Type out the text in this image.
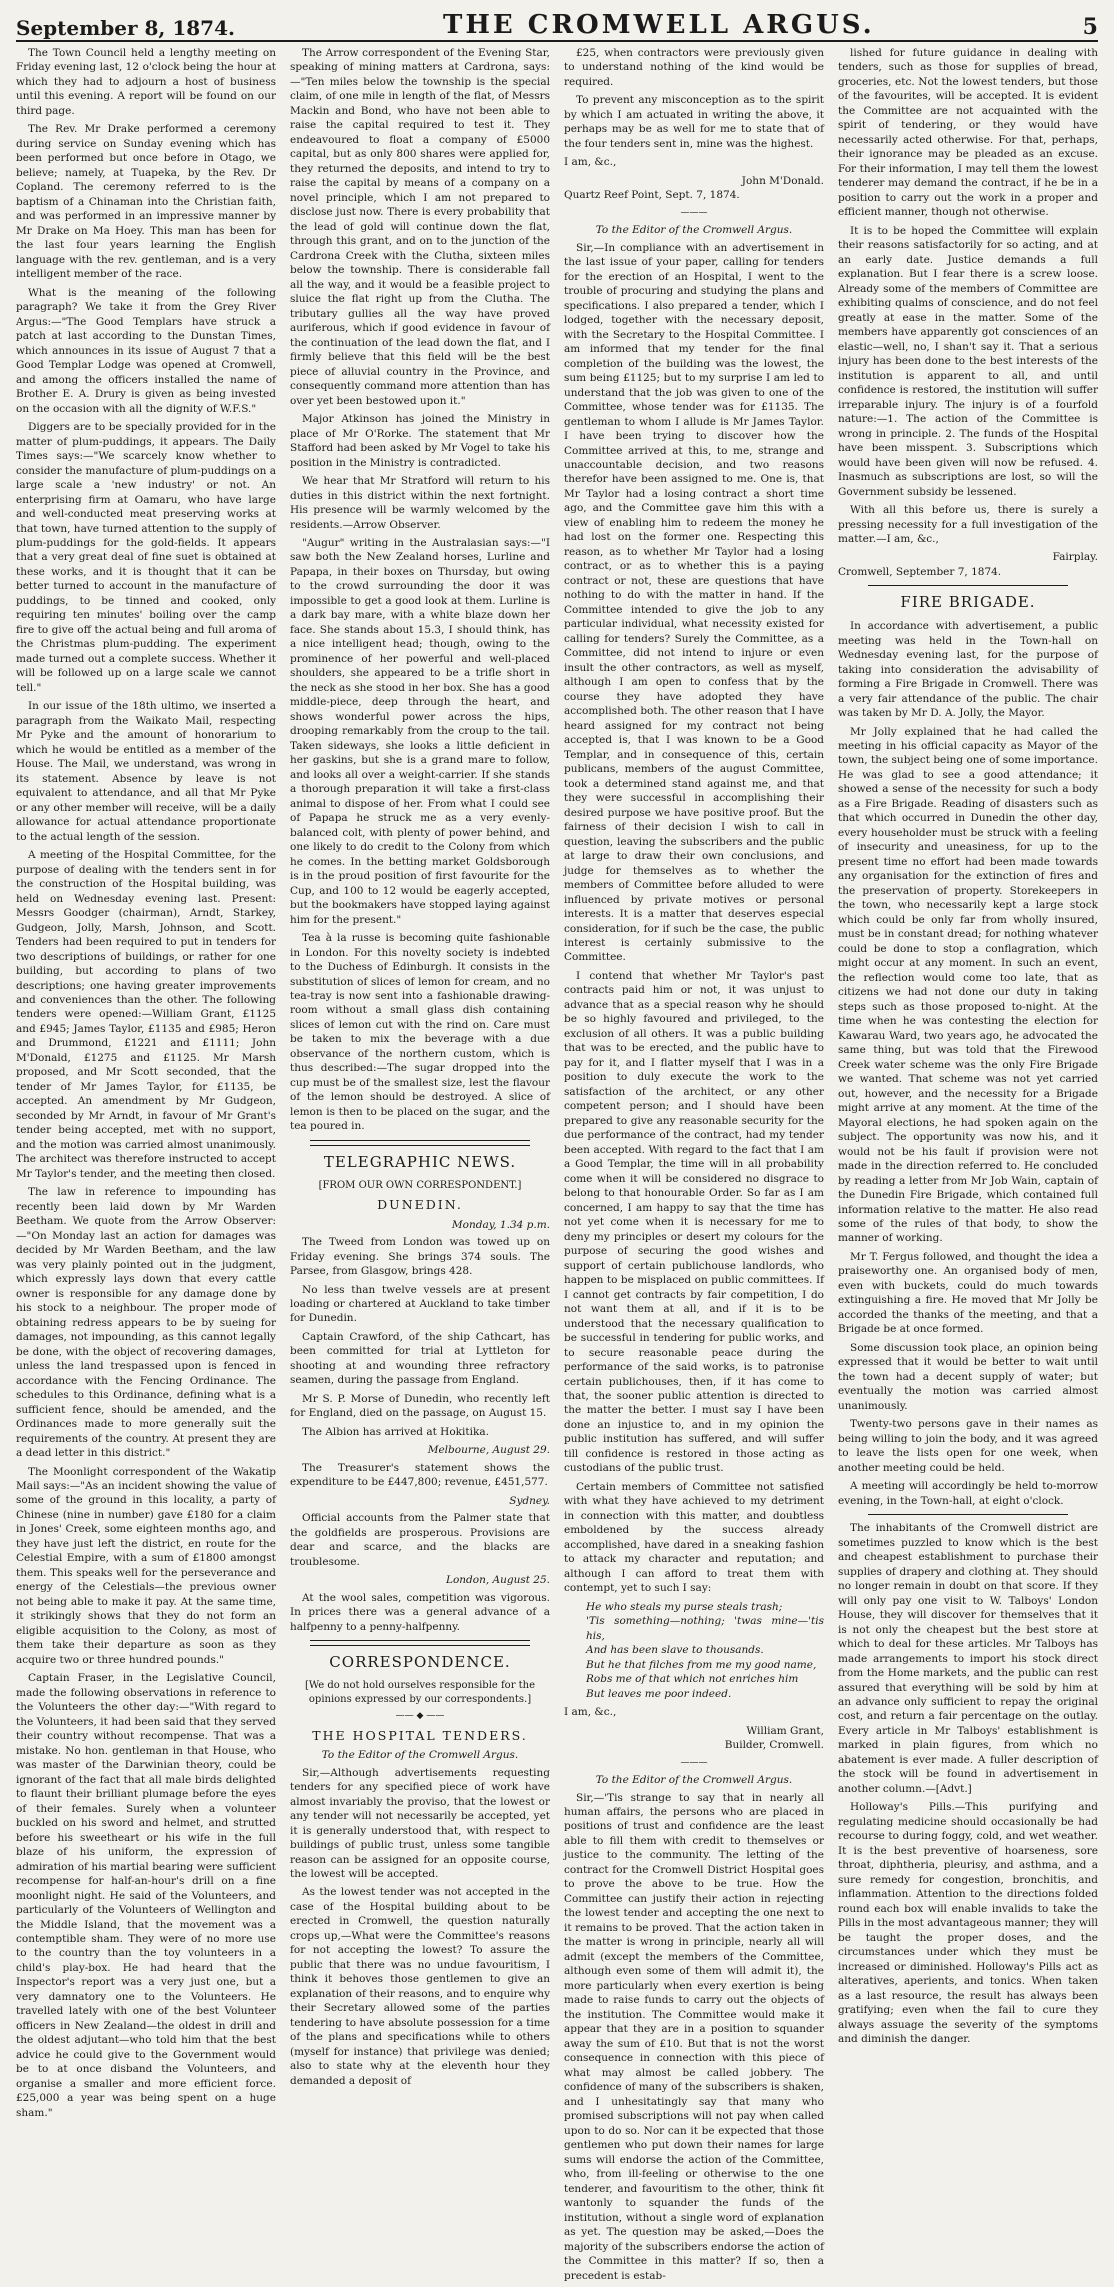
September 8, 1874.	THE CROMWELL ARGUS.	5

The Town Council held a lengthy meeting on Friday evening last, 12 o'clock being the hour at which they had to adjourn a host of business until this evening. A report will be found on our third page.

The Rev. Mr Drake performed a ceremony during service on Sunday evening which has been performed but once before in Otago, we believe; namely, at Tuapeka, by the Rev. Dr Copland. The ceremony referred to is the baptism of a Chinaman into the Christian faith, and was performed in an impressive manner by Mr Drake on Ma Hoey. This man has been for the last four years learning the English language with the rev. gentleman, and is a very intelligent member of the race.

What is the meaning of the following paragraph? We take it from the Grey River Argus:—"The Good Templars have struck a patch at last according to the Dunstan Times, which announces in its issue of August 7 that a Good Templar Lodge was opened at Cromwell, and among the officers installed the name of Brother E. A. Drury is given as being invested on the occasion with all the dignity of W.F.S."

Diggers are to be specially provided for in the matter of plum-puddings, it appears. The Daily Times says:—"We scarcely know whether to consider the manufacture of plum-puddings on a large scale a 'new industry' or not. An enterprising firm at Oamaru, who have large and well-conducted meat preserving works at that town, have turned attention to the supply of plum-puddings for the gold-fields. It appears that a very great deal of fine suet is obtained at these works, and it is thought that it can be better turned to account in the manufacture of puddings, to be tinned and cooked, only requiring ten minutes' boiling over the camp fire to give off the actual being and full aroma of the Christmas plum-pudding. The experiment made turned out a complete success. Whether it will be followed up on a large scale we cannot tell."

In our issue of the 18th ultimo, we inserted a paragraph from the Waikato Mail, respecting Mr Pyke and the amount of honorarium to which he would be entitled as a member of the House. The Mail, we understand, was wrong in its statement. Absence by leave is not equivalent to attendance, and all that Mr Pyke or any other member will receive, will be a daily allowance for actual attendance proportionate to the actual length of the session.

A meeting of the Hospital Committee, for the purpose of dealing with the tenders sent in for the construction of the Hospital building, was held on Wednesday evening last. Present: Messrs Goodger (chairman), Arndt, Starkey, Gudgeon, Jolly, Marsh, Johnson, and Scott. Tenders had been required to put in tenders for two descriptions of buildings, or rather for one building, but according to plans of two descriptions; one having greater improvements and conveniences than the other. The following tenders were opened:—William Grant, £1125 and £945; James Taylor, £1135 and £985; Heron and Drummond, £1221 and £1111; John M'Donald, £1275 and £1125. Mr Marsh proposed, and Mr Scott seconded, that the tender of Mr James Taylor, for £1135, be accepted. An amendment by Mr Gudgeon, seconded by Mr Arndt, in favour of Mr Grant's tender being accepted, met with no support, and the motion was carried almost unanimously. The architect was therefore instructed to accept Mr Taylor's tender, and the meeting then closed.

The law in reference to impounding has recently been laid down by Mr Warden Beetham. We quote from the Arrow Observer:—"On Monday last an action for damages was decided by Mr Warden Beetham, and the law was very plainly pointed out in the judgment, which expressly lays down that every cattle owner is responsible for any damage done by his stock to a neighbour. The proper mode of obtaining redress appears to be by sueing for damages, not impounding, as this cannot legally be done, with the object of recovering damages, unless the land trespassed upon is fenced in accordance with the Fencing Ordinance. The schedules to this Ordinance, defining what is a sufficient fence, should be amended, and the Ordinances made to more generally suit the requirements of the country. At present they are a dead letter in this district."

The Moonlight correspondent of the Wakatip Mail says:—"As an incident showing the value of some of the ground in this locality, a party of Chinese (nine in number) gave £180 for a claim in Jones' Creek, some eighteen months ago, and they have just left the district, en route for the Celestial Empire, with a sum of £1800 amongst them. This speaks well for the perseverance and energy of the Celestials—the previous owner not being able to make it pay. At the same time, it strikingly shows that they do not form an eligible acquisition to the Colony, as most of them take their departure as soon as they acquire two or three hundred pounds."

Captain Fraser, in the Legislative Council, made the following observations in reference to the Volunteers the other day:—"With regard to the Volunteers, it had been said that they served their country without recompense. That was a mistake. No hon. gentleman in that House, who was master of the Darwinian theory, could be ignorant of the fact that all male birds delighted to flaunt their brilliant plumage before the eyes of their females. Surely when a volunteer buckled on his sword and helmet, and strutted before his sweetheart or his wife in the full blaze of his uniform, the expression of admiration of his martial bearing were sufficient recompense for half-an-hour's drill on a fine moonlight night. He said of the Volunteers, and particularly of the Volunteers of Wellington and the Middle Island, that the movement was a contemptible sham. They were of no more use to the country than the toy volunteers in a child's play-box. He had heard that the Inspector's report was a very just one, but a very damnatory one to the Volunteers. He travelled lately with one of the best Volunteer officers in New Zealand—the oldest in drill and the oldest adjutant—who told him that the best advice he could give to the Government would be to at once disband the Volunteers, and organise a smaller and more efficient force. £25,000 a year was being spent on a huge sham."

The Arrow correspondent of the Evening Star, speaking of mining matters at Cardrona, says:—"Ten miles below the township is the special claim, of one mile in length of the flat, of Messrs Mackin and Bond, who have not been able to raise the capital required to test it. They endeavoured to float a company of £5000 capital, but as only 800 shares were applied for, they returned the deposits, and intend to try to raise the capital by means of a company on a novel principle, which I am not prepared to disclose just now. There is every probability that the lead of gold will continue down the flat, through this grant, and on to the junction of the Cardrona Creek with the Clutha, sixteen miles below the township. There is considerable fall all the way, and it would be a feasible project to sluice the flat right up from the Clutha. The tributary gullies all the way have proved auriferous, which if good evidence in favour of the continuation of the lead down the flat, and I firmly believe that this field will be the best piece of alluvial country in the Province, and consequently command more attention than has over yet been bestowed upon it."

Major Atkinson has joined the Ministry in place of Mr O'Rorke. The statement that Mr Stafford had been asked by Mr Vogel to take his position in the Ministry is contradicted.

We hear that Mr Stratford will return to his duties in this district within the next fortnight. His presence will be warmly welcomed by the residents.—Arrow Observer.

"Augur" writing in the Australasian says:—"I saw both the New Zealand horses, Lurline and Papapa, in their boxes on Thursday, but owing to the crowd surrounding the door it was impossible to get a good look at them. Lurline is a dark bay mare, with a white blaze down her face. She stands about 15.3, I should think, has a nice intelligent head; though, owing to the prominence of her powerful and well-placed shoulders, she appeared to be a trifle short in the neck as she stood in her box. She has a good middle-piece, deep through the heart, and shows wonderful power across the hips, drooping remarkably from the croup to the tail. Taken sideways, she looks a little deficient in her gaskins, but she is a grand mare to follow, and looks all over a weight-carrier. If she stands a thorough preparation it will take a first-class animal to dispose of her. From what I could see of Papapa he struck me as a very evenly-balanced colt, with plenty of power behind, and one likely to do credit to the Colony from which he comes. In the betting market Goldsborough is in the proud position of first favourite for the Cup, and 100 to 12 would be eagerly accepted, but the bookmakers have stopped laying against him for the present."

Tea à la russe is becoming quite fashionable in London. For this novelty society is indebted to the Duchess of Edinburgh. It consists in the substitution of slices of lemon for cream, and no tea-tray is now sent into a fashionable drawing-room without a small glass dish containing slices of lemon cut with the rind on. Care must be taken to mix the beverage with a due observance of the northern custom, which is thus described:—The sugar dropped into the cup must be of the smallest size, lest the flavour of the lemon should be destroyed. A slice of lemon is then to be placed on the sugar, and the tea poured in.

TELEGRAPHIC NEWS.
[FROM OUR OWN CORRESPONDENT.]
DUNEDIN.
Monday, 1.34 p.m.

The Tweed from London was towed up on Friday evening. She brings 374 souls. The Parsee, from Glasgow, brings 428.

No less than twelve vessels are at present loading or chartered at Auckland to take timber for Dunedin.

Captain Crawford, of the ship Cathcart, has been committed for trial at Lyttleton for shooting at and wounding three refractory seamen, during the passage from England.

Mr S. P. Morse of Dunedin, who recently left for England, died on the passage, on August 15.

The Albion has arrived at Hokitika.

Melbourne, August 29.

The Treasurer's statement shows the expenditure to be £447,800; revenue, £451,577.

Sydney.

Official accounts from the Palmer state that the goldfields are prosperous. Provisions are dear and scarce, and the blacks are troublesome.

London, August 25.

At the wool sales, competition was vigorous. In prices there was a general advance of a halfpenny to a penny-halfpenny.

CORRESPONDENCE.
[We do not hold ourselves responsible for the opinions expressed by our correspondents.]
—— ◆ ——
THE HOSPITAL TENDERS.
To the Editor of the Cromwell Argus.

Sir,—Although advertisements requesting tenders for any specified piece of work have almost invariably the proviso, that the lowest or any tender will not necessarily be accepted, yet it is generally understood that, with respect to buildings of public trust, unless some tangible reason can be assigned for an opposite course, the lowest will be accepted.

As the lowest tender was not accepted in the case of the Hospital building about to be erected in Cromwell, the question naturally crops up,—What were the Committee's reasons for not accepting the lowest? To assure the public that there was no undue favouritism, I think it behoves those gentlemen to give an explanation of their reasons, and to enquire why their Secretary allowed some of the parties tendering to have absolute possession for a time of the plans and specifications while to others (myself for instance) that privilege was denied; also to state why at the eleventh hour they demanded a deposit of

£25, when contractors were previously given to understand nothing of the kind would be required.

To prevent any misconception as to the spirit by which I am actuated in writing the above, it perhaps may be as well for me to state that of the four tenders sent in, mine was the highest.

I am, &c.,

John M'Donald.

Quartz Reef Point, Sept. 7, 1874.

———
To the Editor of the Cromwell Argus.

Sir,—In compliance with an advertisement in the last issue of your paper, calling for tenders for the erection of an Hospital, I went to the trouble of procuring and studying the plans and specifications. I also prepared a tender, which I lodged, together with the necessary deposit, with the Secretary to the Hospital Committee. I am informed that my tender for the final completion of the building was the lowest, the sum being £1125; but to my surprise I am led to understand that the job was given to one of the Committee, whose tender was for £1135. The gentleman to whom I allude is Mr James Taylor. I have been trying to discover how the Committee arrived at this, to me, strange and unaccountable decision, and two reasons therefor have been assigned to me. One is, that Mr Taylor had a losing contract a short time ago, and the Committee gave him this with a view of enabling him to redeem the money he had lost on the former one. Respecting this reason, as to whether Mr Taylor had a losing contract, or as to whether this is a paying contract or not, these are questions that have nothing to do with the matter in hand. If the Committee intended to give the job to any particular individual, what necessity existed for calling for tenders? Surely the Committee, as a Committee, did not intend to injure or even insult the other contractors, as well as myself, although I am open to confess that by the course they have adopted they have accomplished both. The other reason that I have heard assigned for my contract not being accepted is, that I was known to be a Good Templar, and in consequence of this, certain publicans, members of the august Committee, took a determined stand against me, and that they were successful in accomplishing their desired purpose we have positive proof. But the fairness of their decision I wish to call in question, leaving the subscribers and the public at large to draw their own conclusions, and judge for themselves as to whether the members of Committee before alluded to were influenced by private motives or personal interests. It is a matter that deserves especial consideration, for if such be the case, the public interest is certainly submissive to the Committee.

I contend that whether Mr Taylor's past contracts paid him or not, it was unjust to advance that as a special reason why he should be so highly favoured and privileged, to the exclusion of all others. It was a public building that was to be erected, and the public have to pay for it, and I flatter myself that I was in a position to duly execute the work to the satisfaction of the architect, or any other competent person; and I should have been prepared to give any reasonable security for the due performance of the contract, had my tender been accepted. With regard to the fact that I am a Good Templar, the time will in all probability come when it will be considered no disgrace to belong to that honourable Order. So far as I am concerned, I am happy to say that the time has not yet come when it is necessary for me to deny my principles or desert my colours for the purpose of securing the good wishes and support of certain publichouse landlords, who happen to be misplaced on public committees. If I cannot get contracts by fair competition, I do not want them at all, and if it is to be understood that the necessary qualification to be successful in tendering for public works, and to secure reasonable peace during the performance of the said works, is to patronise certain publichouses, then, if it has come to that, the sooner public attention is directed to the matter the better. I must say I have been done an injustice to, and in my opinion the public institution has suffered, and will suffer till confidence is restored in those acting as custodians of the public trust.

Certain members of Committee not satisfied with what they have achieved to my detriment in connection with this matter, and doubtless emboldened by the success already accomplished, have dared in a sneaking fashion to attack my character and reputation; and although I can afford to treat them with contempt, yet to such I say:

He who steals my purse steals trash;
'Tis something—nothing; 'twas mine—'tis his,
And has been slave to thousands.
But he that filches from me my good name,
Robs me of that which not enriches him
But leaves me poor indeed.

I am, &c.,

William Grant,

Builder, Cromwell.

———
To the Editor of the Cromwell Argus.

Sir,—'Tis strange to say that in nearly all human affairs, the persons who are placed in positions of trust and confidence are the least able to fill them with credit to themselves or justice to the community. The letting of the contract for the Cromwell District Hospital goes to prove the above to be true. How the Committee can justify their action in rejecting the lowest tender and accepting the one next to it remains to be proved. That the action taken in the matter is wrong in principle, nearly all will admit (except the members of the Committee, although even some of them will admit it), the more particularly when every exertion is being made to raise funds to carry out the objects of the institution. The Committee would make it appear that they are in a position to squander away the sum of £10. But that is not the worst consequence in connection with this piece of what may almost be called jobbery. The confidence of many of the subscribers is shaken, and I unhesitatingly say that many who promised subscriptions will not pay when called upon to do so. Nor can it be expected that those gentlemen who put down their names for large sums will endorse the action of the Committee, who, from ill-feeling or otherwise to the one tenderer, and favouritism to the other, think fit wantonly to squander the funds of the institution, without a single word of explanation as yet. The question may be asked,—Does the majority of the subscribers endorse the action of the Committee in this matter? If so, then a precedent is estab-

lished for future guidance in dealing with tenders, such as those for supplies of bread, groceries, etc. Not the lowest tenders, but those of the favourites, will be accepted. It is evident the Committee are not acquainted with the spirit of tendering, or they would have necessarily acted otherwise. For that, perhaps, their ignorance may be pleaded as an excuse. For their information, I may tell them the lowest tenderer may demand the contract, if he be in a position to carry out the work in a proper and efficient manner, though not otherwise.

It is to be hoped the Committee will explain their reasons satisfactorily for so acting, and at an early date. Justice demands a full explanation. But I fear there is a screw loose. Already some of the members of Committee are exhibiting qualms of conscience, and do not feel greatly at ease in the matter. Some of the members have apparently got consciences of an elastic—well, no, I shan't say it. That a serious injury has been done to the best interests of the institution is apparent to all, and until confidence is restored, the institution will suffer irreparable injury. The injury is of a fourfold nature:—1. The action of the Committee is wrong in principle. 2. The funds of the Hospital have been misspent. 3. Subscriptions which would have been given will now be refused. 4. Inasmuch as subscriptions are lost, so will the Government subsidy be lessened.

With all this before us, there is surely a pressing necessity for a full investigation of the matter.—I am, &c.,

Fairplay.

Cromwell, September 7, 1874.

FIRE BRIGADE.

In accordance with advertisement, a public meeting was held in the Town-hall on Wednesday evening last, for the purpose of taking into consideration the advisability of forming a Fire Brigade in Cromwell. There was a very fair attendance of the public. The chair was taken by Mr D. A. Jolly, the Mayor.

Mr Jolly explained that he had called the meeting in his official capacity as Mayor of the town, the subject being one of some importance. He was glad to see a good attendance; it showed a sense of the necessity for such a body as a Fire Brigade. Reading of disasters such as that which occurred in Dunedin the other day, every householder must be struck with a feeling of insecurity and uneasiness, for up to the present time no effort had been made towards any organisation for the extinction of fires and the preservation of property. Storekeepers in the town, who necessarily kept a large stock which could be only far from wholly insured, must be in constant dread; for nothing whatever could be done to stop a conflagration, which might occur at any moment. In such an event, the reflection would come too late, that as citizens we had not done our duty in taking steps such as those proposed to-night. At the time when he was contesting the election for Kawarau Ward, two years ago, he advocated the same thing, but was told that the Firewood Creek water scheme was the only Fire Brigade we wanted. That scheme was not yet carried out, however, and the necessity for a Brigade might arrive at any moment. At the time of the Mayoral elections, he had spoken again on the subject. The opportunity was now his, and it would not be his fault if provision were not made in the direction referred to. He concluded by reading a letter from Mr Job Wain, captain of the Dunedin Fire Brigade, which contained full information relative to the matter. He also read some of the rules of that body, to show the manner of working.

Mr T. Fergus followed, and thought the idea a praiseworthy one. An organised body of men, even with buckets, could do much towards extinguishing a fire. He moved that Mr Jolly be accorded the thanks of the meeting, and that a Brigade be at once formed.

Some discussion took place, an opinion being expressed that it would be better to wait until the town had a decent supply of water; but eventually the motion was carried almost unanimously.

Twenty-two persons gave in their names as being willing to join the body, and it was agreed to leave the lists open for one week, when another meeting could be held.

A meeting will accordingly be held to-morrow evening, in the Town-hall, at eight o'clock.

The inhabitants of the Cromwell district are sometimes puzzled to know which is the best and cheapest establishment to purchase their supplies of drapery and clothing at. They should no longer remain in doubt on that score. If they will only pay one visit to W. Talboys' London House, they will discover for themselves that it is not only the cheapest but the best store at which to deal for these articles. Mr Talboys has made arrangements to import his stock direct from the Home markets, and the public can rest assured that everything will be sold by him at an advance only sufficient to repay the original cost, and return a fair percentage on the outlay. Every article in Mr Talboys' establishment is marked in plain figures, from which no abatement is ever made. A fuller description of the stock will be found in advertisement in another column.—[Advt.]

Holloway's Pills.—This purifying and regulating medicine should occasionally be had recourse to during foggy, cold, and wet weather. It is the best preventive of hoarseness, sore throat, diphtheria, pleurisy, and asthma, and a sure remedy for congestion, bronchitis, and inflammation. Attention to the directions folded round each box will enable invalids to take the Pills in the most advantageous manner; they will be taught the proper doses, and the circumstances under which they must be increased or diminished. Holloway's Pills act as alteratives, aperients, and tonics. When taken as a last resource, the result has always been gratifying; even when the fail to cure they always assuage the severity of the symptoms and diminish the danger.
